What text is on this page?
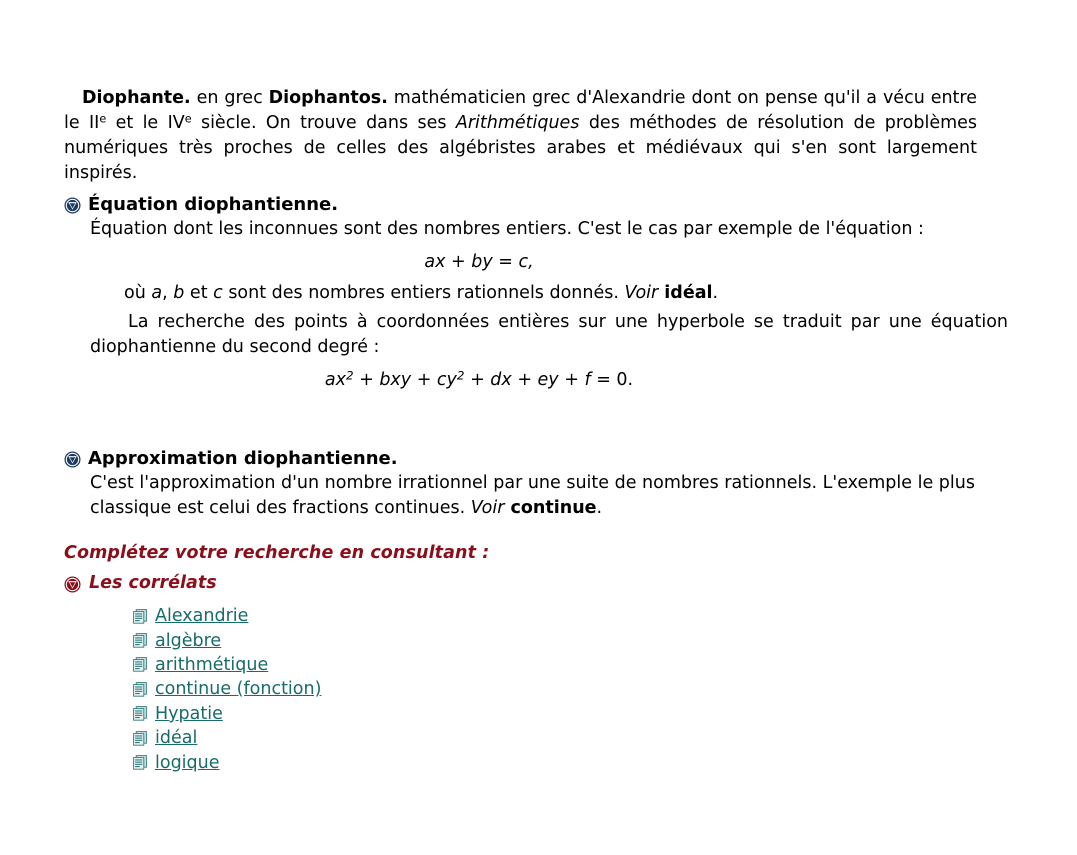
Diophante. en grec Diophantos. mathématicien grec d'Alexandrie dont on pense qu'il a vécu entre le IIe et le IVe siècle. On trouve dans ses Arithmétiques des méthodes de résolution de problèmes numériques très proches de celles des algébristes arabes et médiévaux qui s'en sont largement inspirés.

Équation diophantienne.
Équation dont les inconnues sont des nombres entiers. C'est le cas par exemple de l'équation :
ax + by = c,
où a, b et c sont des nombres entiers rationnels donnés. Voir idéal.
La recherche des points à coordonnées entières sur une hyperbole se traduit par une équation diophantienne du second degré :
$ax^2$ + bxy + $cy^2$ + dx + ey + f = 0.
Approximation diophantienne.
C'est l'approximation d'un nombre irrationnel par une suite de nombres rationnels. L'exemple le plus classique est celui des fractions continues. Voir continue.
Complétez votre recherche en consultant :
Les corrélats
Alexandrie
algèbre
arithmétique
continue (fonction)
Hypatie
idéal
logique
